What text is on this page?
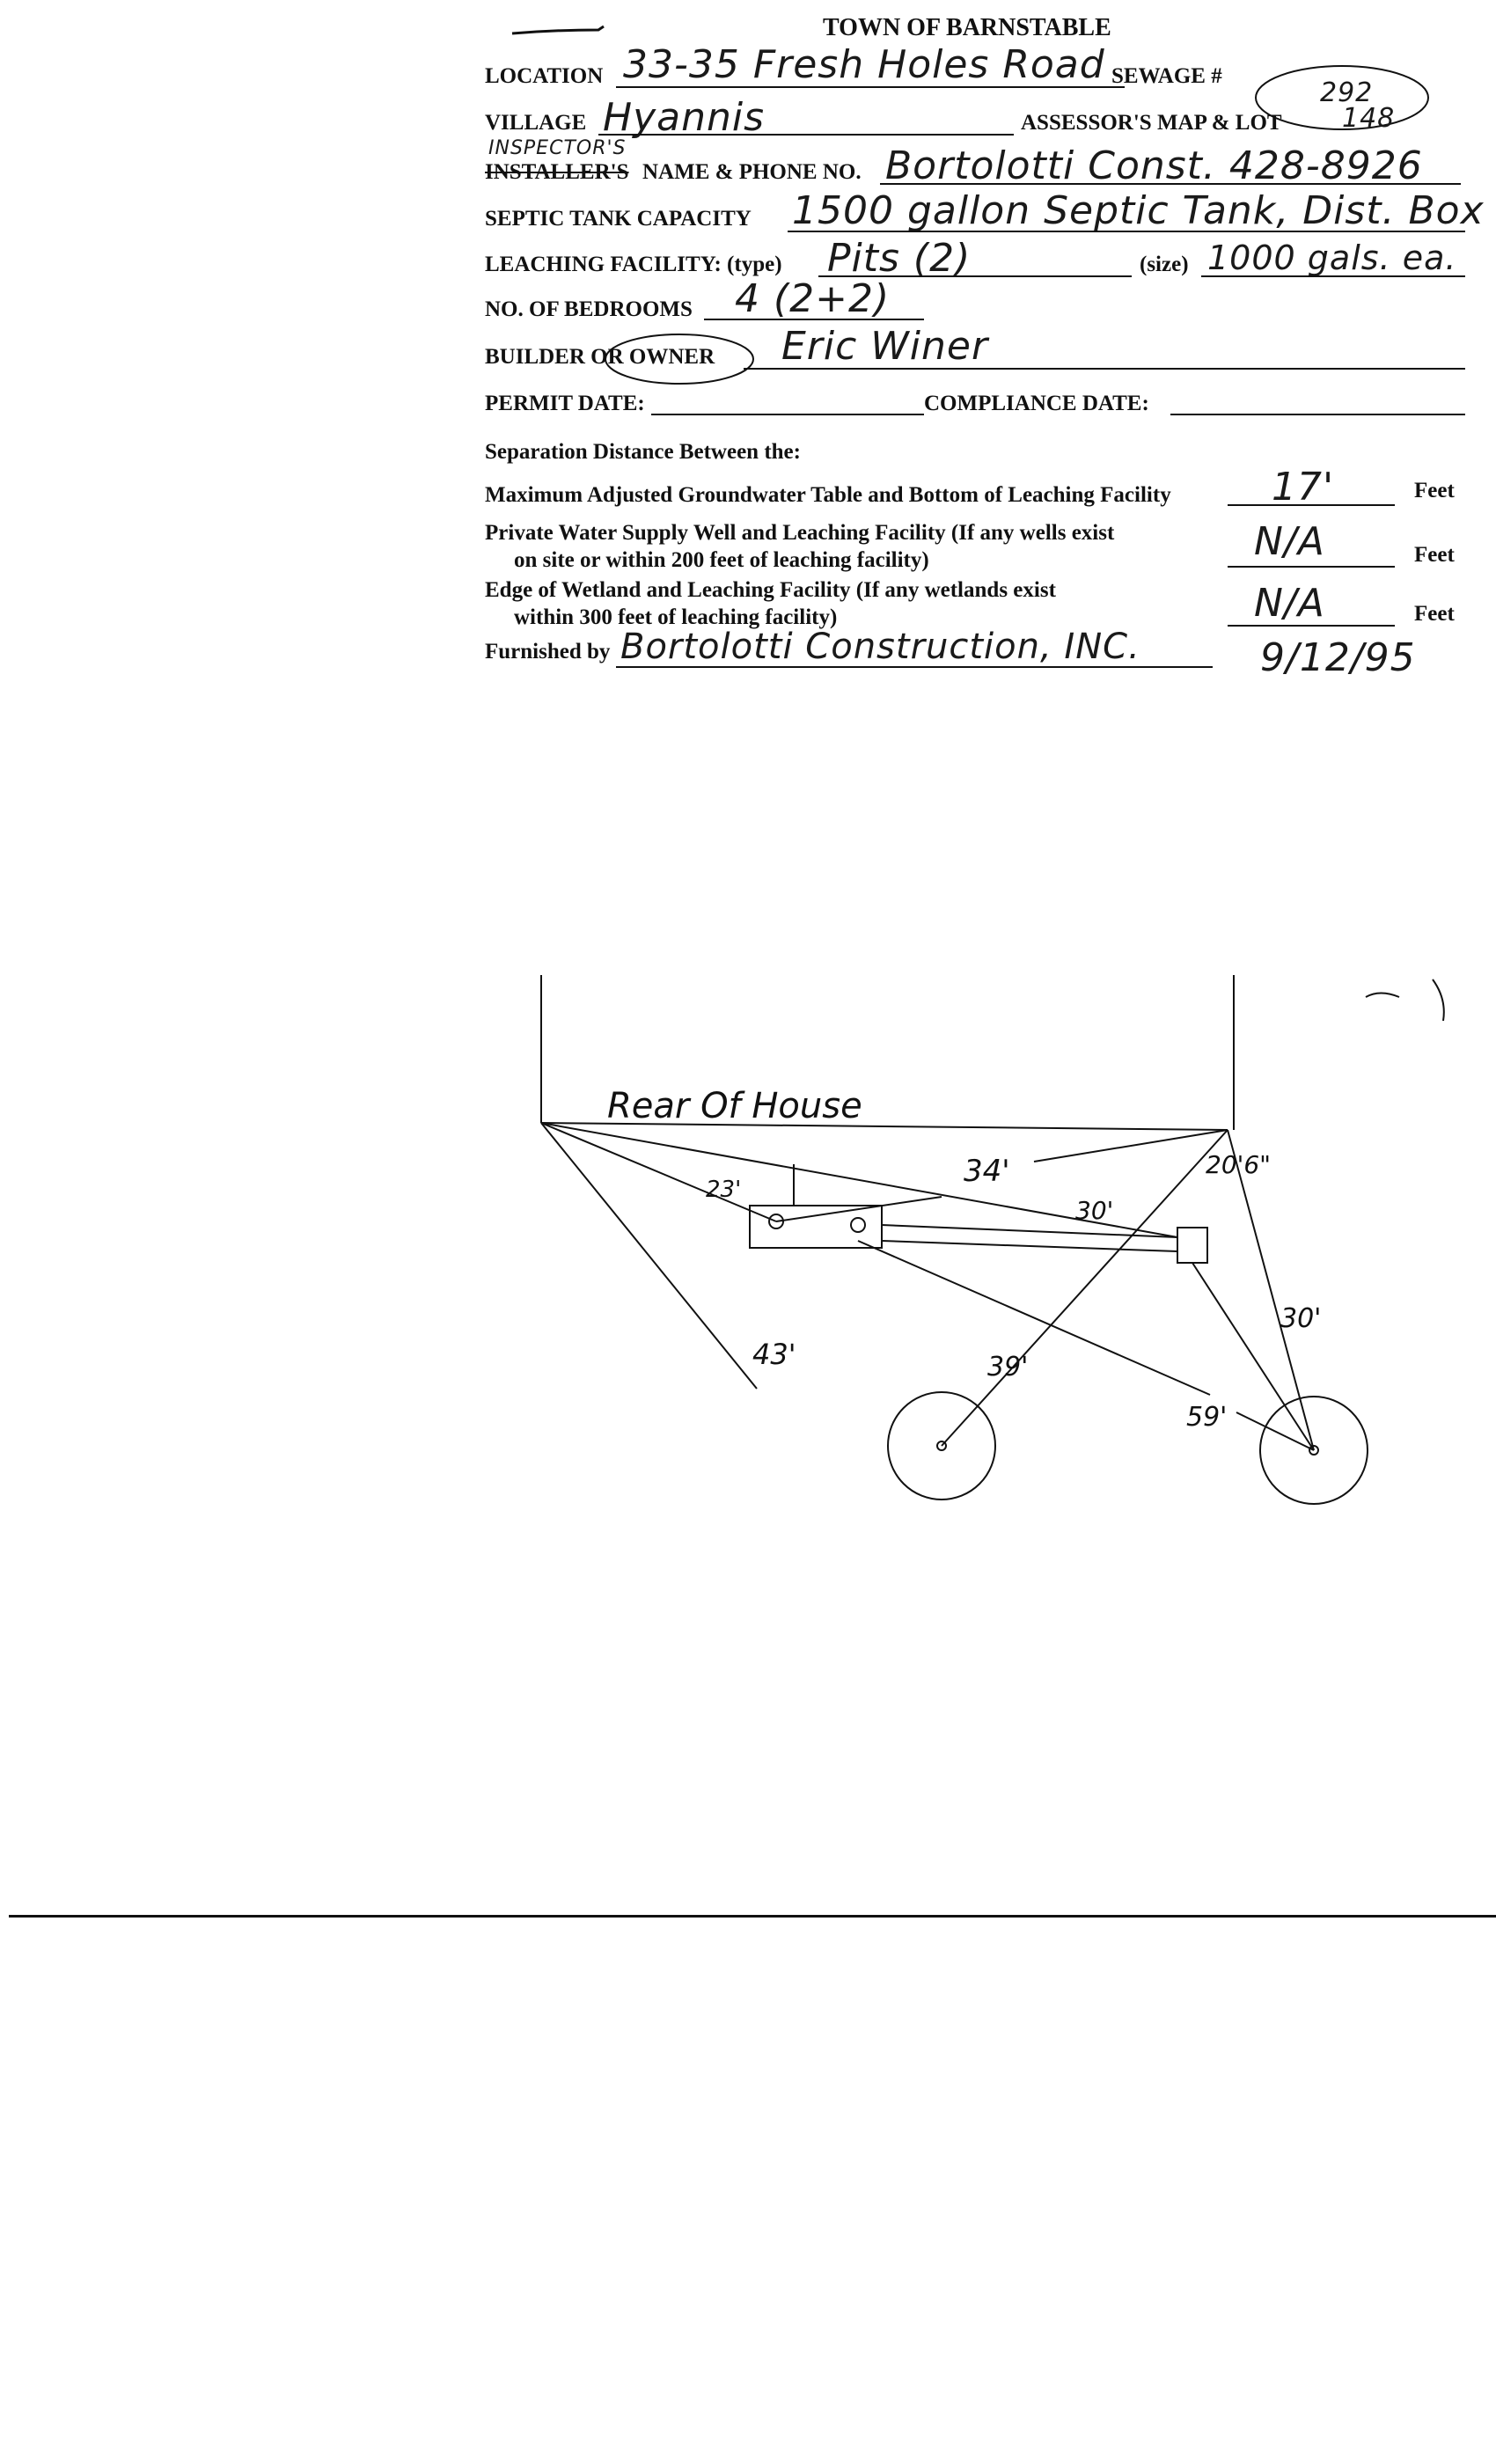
TOWN OF BARNSTABLE
LOCATION 33-35 Fresh Holes Road SEWAGE #
292
VILLAGE Hyannis	ASSESSOR'S MAP & LOT 148
INSPECTOR'S
INSTALLER'S NAME & PHONE NO. Bortolotti Const. 428-8926
SEPTIC TANK CAPACITY 1500 gallon Septic Tank, Dist. Box
LEACHING FACILITY: (type) Pits (2)	(size) 1000 gals. ea.
NO. OF BEDROOMS 4 (2+2)
BUILDER OR OWNER Eric Winer
PERMIT DATE:	COMPLIANCE DATE:
Separation Distance Between the:
Maximum Adjusted Groundwater Table and Bottom of Leaching Facility	17'	Feet
Private Water Supply Well and Leaching Facility (If any wells exist
on site or within 200 feet of leaching facility)	N/A	Feet
Edge of Wetland and Leaching Facility (If any wetlands exist
within 300 feet of leaching facility)	N/A	Feet
Furnished by Bortolotti Construction, INC.	9/12/95
Rear Of House
23'
34'
30'
20'6"
43'	39'
59'
30'
